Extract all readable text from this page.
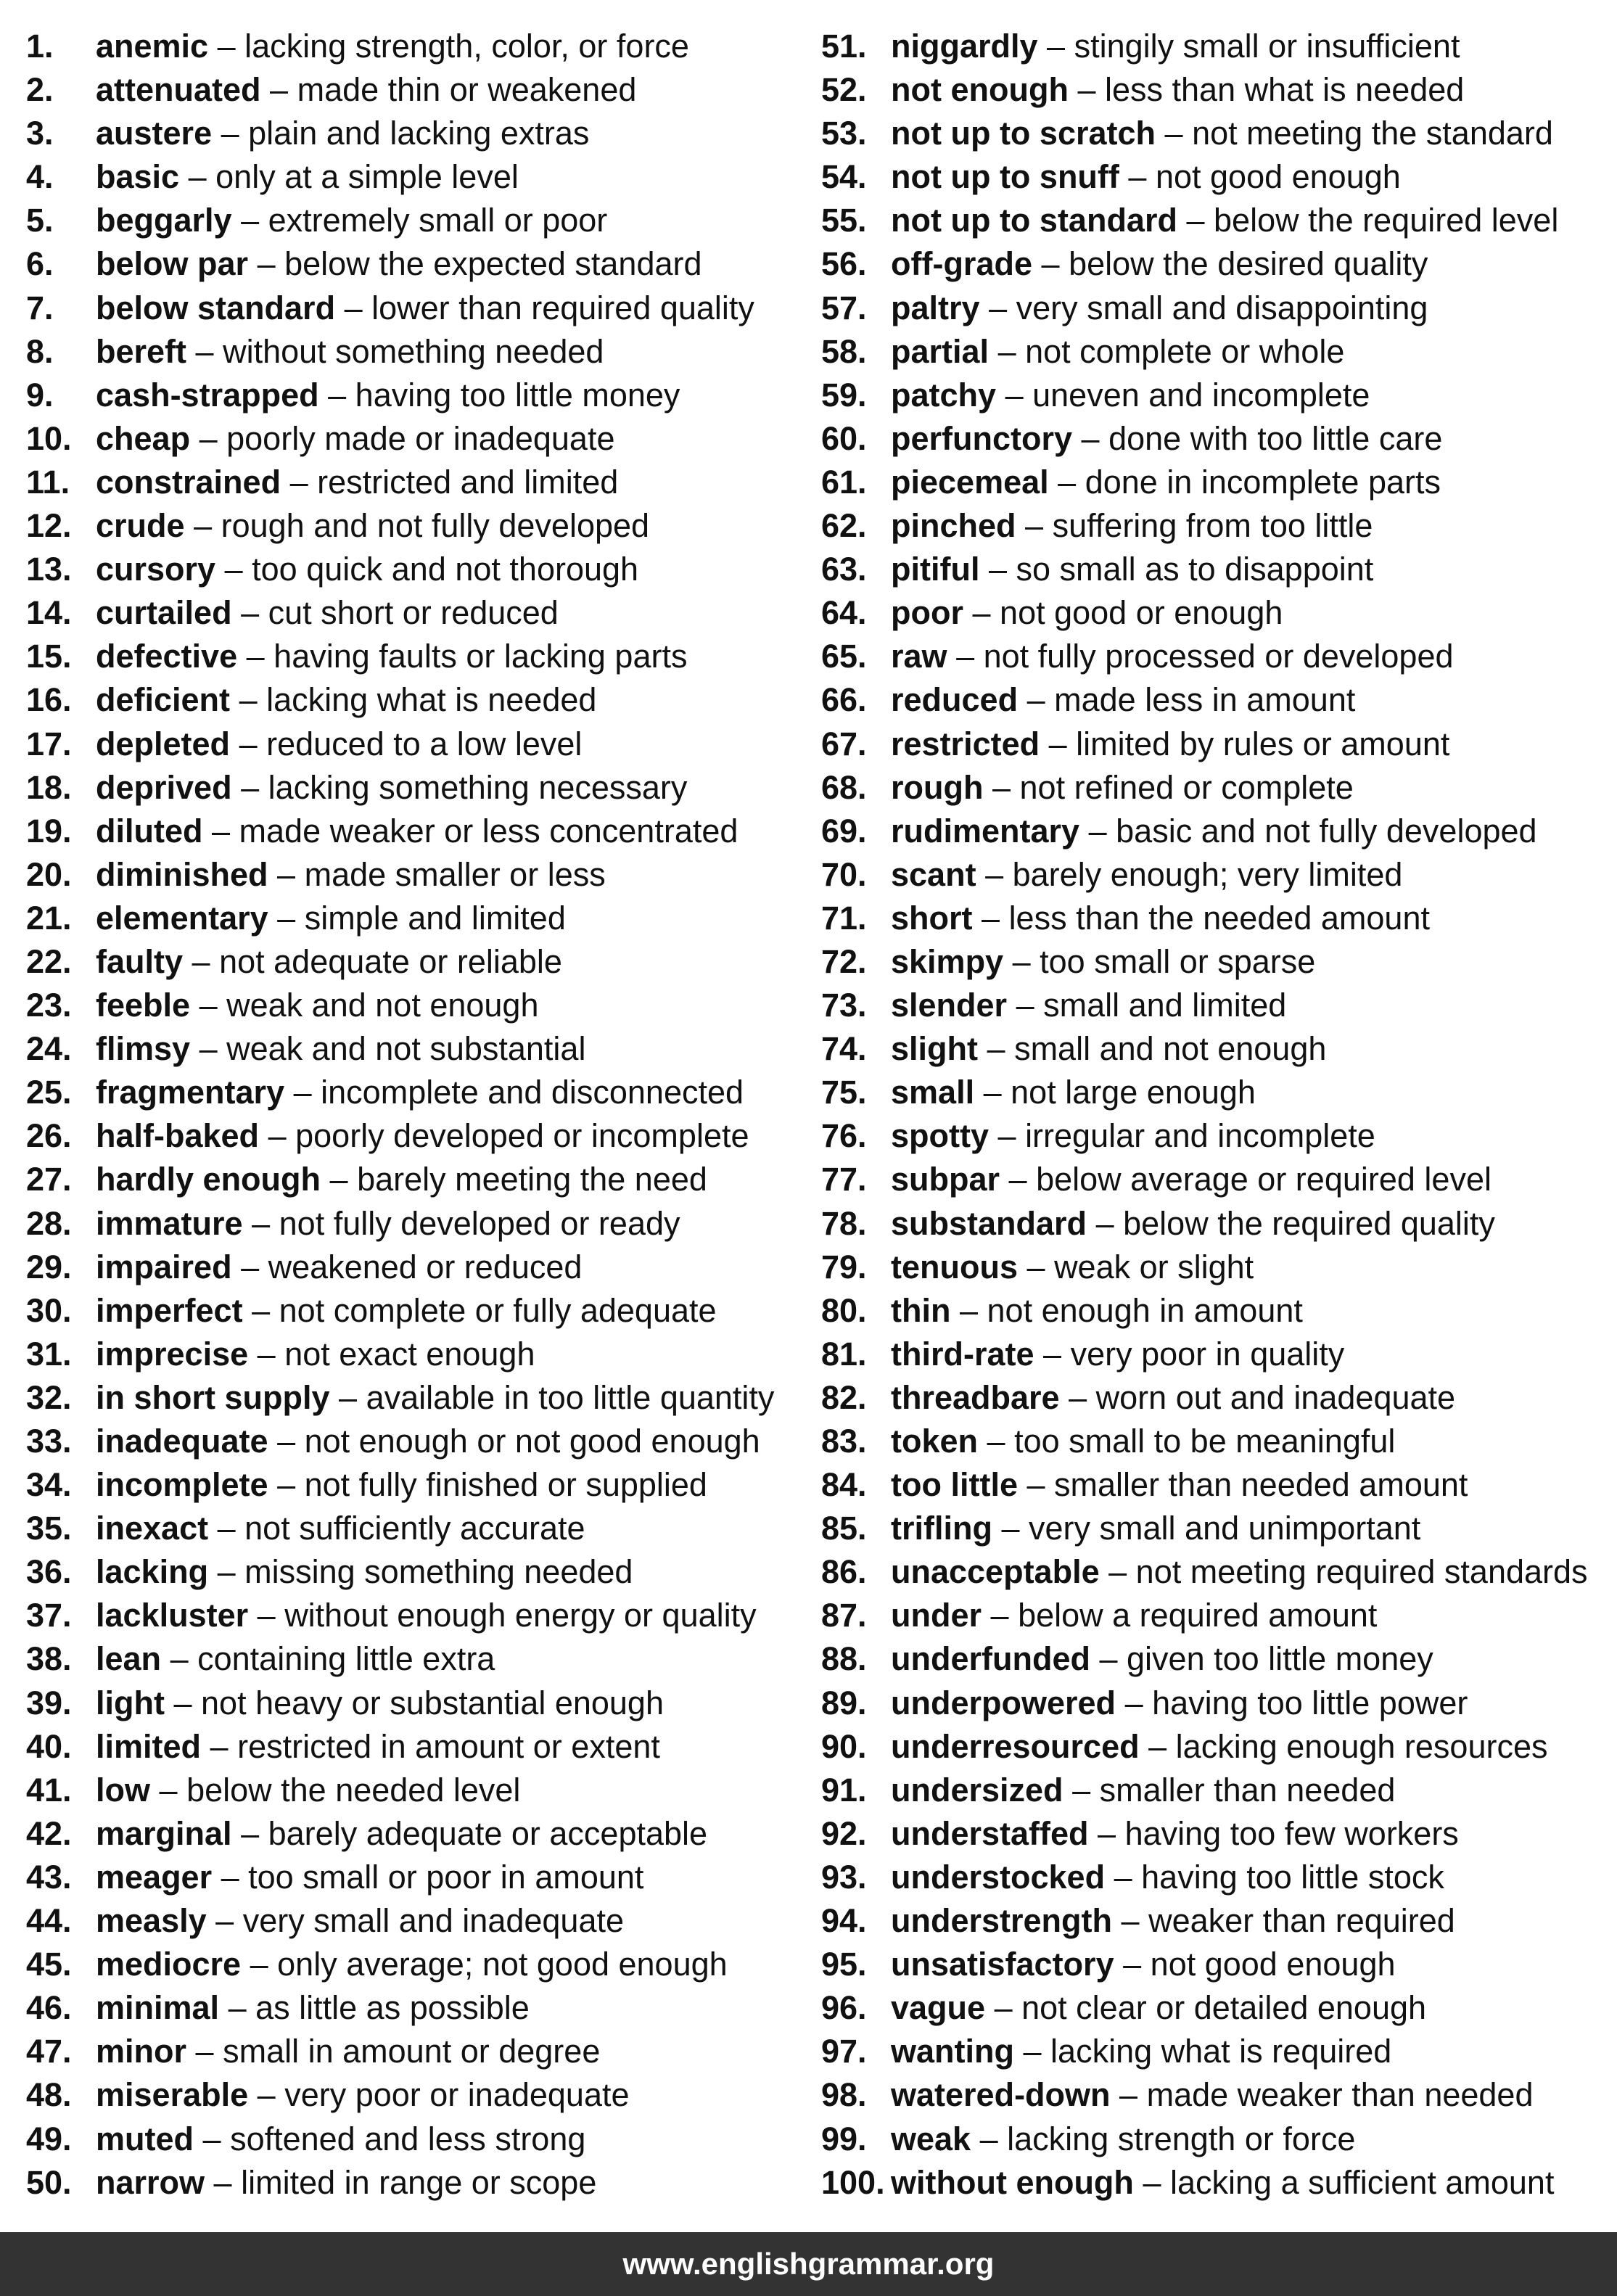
1. anemic – lacking strength, color, or force
2. attenuated – made thin or weakened
3. austere – plain and lacking extras
4. basic – only at a simple level
5. beggarly – extremely small or poor
6. below par – below the expected standard
7. below standard – lower than required quality
8. bereft – without something needed
9. cash-strapped – having too little money
10. cheap – poorly made or inadequate
11. constrained – restricted and limited
12. crude – rough and not fully developed
13. cursory – too quick and not thorough
14. curtailed – cut short or reduced
15. defective – having faults or lacking parts
16. deficient – lacking what is needed
17. depleted – reduced to a low level
18. deprived – lacking something necessary
19. diluted – made weaker or less concentrated
20. diminished – made smaller or less
21. elementary – simple and limited
22. faulty – not adequate or reliable
23. feeble – weak and not enough
24. flimsy – weak and not substantial
25. fragmentary – incomplete and disconnected
26. half-baked – poorly developed or incomplete
27. hardly enough – barely meeting the need
28. immature – not fully developed or ready
29. impaired – weakened or reduced
30. imperfect – not complete or fully adequate
31. imprecise – not exact enough
32. in short supply – available in too little quantity
33. inadequate – not enough or not good enough
34. incomplete – not fully finished or supplied
35. inexact – not sufficiently accurate
36. lacking – missing something needed
37. lackluster – without enough energy or quality
38. lean – containing little extra
39. light – not heavy or substantial enough
40. limited – restricted in amount or extent
41. low – below the needed level
42. marginal – barely adequate or acceptable
43. meager – too small or poor in amount
44. measly – very small and inadequate
45. mediocre – only average; not good enough
46. minimal – as little as possible
47. minor – small in amount or degree
48. miserable – very poor or inadequate
49. muted – softened and less strong
50. narrow – limited in range or scope
51. niggardly – stingily small or insufficient
52. not enough – less than what is needed
53. not up to scratch – not meeting the standard
54. not up to snuff – not good enough
55. not up to standard – below the required level
56. off-grade – below the desired quality
57. paltry – very small and disappointing
58. partial – not complete or whole
59. patchy – uneven and incomplete
60. perfunctory – done with too little care
61. piecemeal – done in incomplete parts
62. pinched – suffering from too little
63. pitiful – so small as to disappoint
64. poor – not good or enough
65. raw – not fully processed or developed
66. reduced – made less in amount
67. restricted – limited by rules or amount
68. rough – not refined or complete
69. rudimentary – basic and not fully developed
70. scant – barely enough; very limited
71. short – less than the needed amount
72. skimpy – too small or sparse
73. slender – small and limited
74. slight – small and not enough
75. small – not large enough
76. spotty – irregular and incomplete
77. subpar – below average or required level
78. substandard – below the required quality
79. tenuous – weak or slight
80. thin – not enough in amount
81. third-rate – very poor in quality
82. threadbare – worn out and inadequate
83. token – too small to be meaningful
84. too little – smaller than needed amount
85. trifling – very small and unimportant
86. unacceptable – not meeting required standards
87. under – below a required amount
88. underfunded – given too little money
89. underpowered – having too little power
90. underresourced – lacking enough resources
91. undersized – smaller than needed
92. understaffed – having too few workers
93. understocked – having too little stock
94. understrength – weaker than required
95. unsatisfactory – not good enough
96. vague – not clear or detailed enough
97. wanting – lacking what is required
98. watered-down – made weaker than needed
99. weak – lacking strength or force
100. without enough – lacking a sufficient amount
www.englishgrammar.org
